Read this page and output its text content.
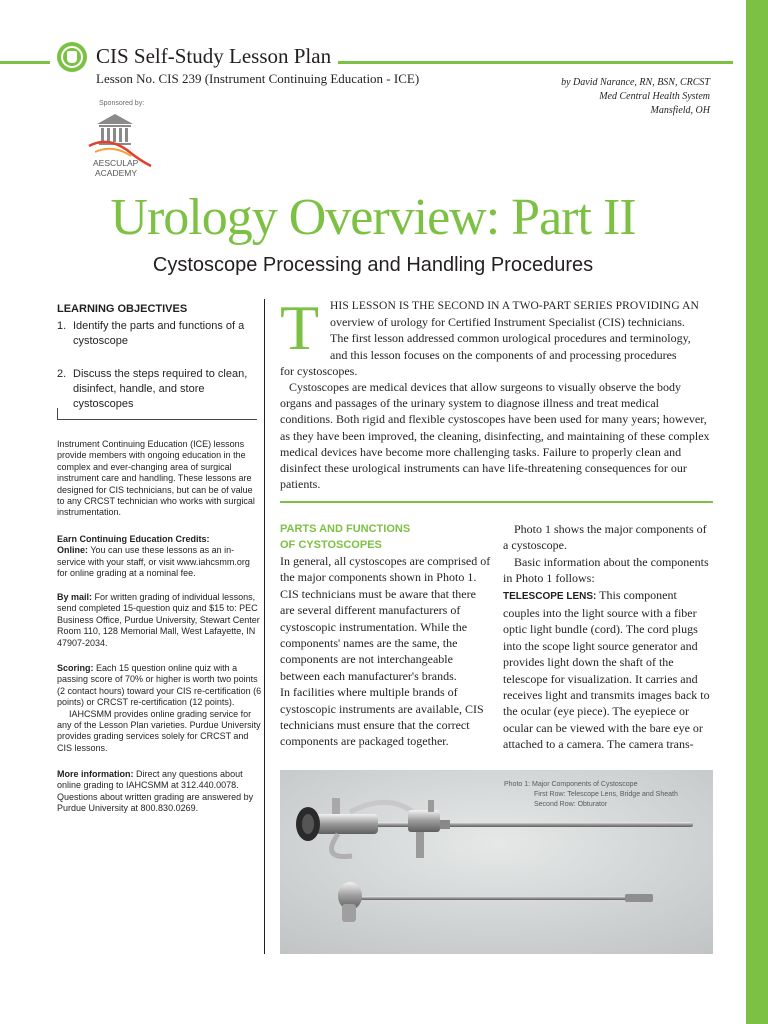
CIS Self-Study Lesson Plan
Lesson No. CIS 239 (Instrument Continuing Education - ICE)	by David Narance, RN, BSN, CRCST
Med Central Health System
Mansfield, OH
Sponsored by:
AESCULAP
ACADEMY
Urology Overview: Part II
Cystoscope Processing and Handling Procedures
LEARNING OBJECTIVES
1. Identify the parts and functions of a cystoscope
2. Discuss the steps required to clean, disinfect, handle, and store cystoscopes

Instrument Continuing Education (ICE) lessons provide members with ongoing education in the complex and ever-changing area of surgical instrument care and handling. These lessons are designed for CIS technicians, but can be of value to any CRCST technician who works with surgical instrumentation.

Earn Continuing Education Credits:

Online: You can use these lessons as an in-service with your staff, or visit www.iahcsmm.org for online grading at a nominal fee.

By mail: For written grading of individual lessons, send completed 15-question quiz and $15 to: PEC Business Office, Purdue University, Stewart Center Room 110, 128 Memorial Mall, West Lafayette, IN 47907-2034.

Scoring: Each 15 question online quiz with a passing score of 70% or higher is worth two points (2 contact hours) toward your CIS re-certification (6 points) or CRCST re-certification (12 points).

IAHCSMM provides online grading service for any of the Lesson Plan varieties. Purdue University provides grading services solely for CRCST and CIS lessons.

More information: Direct any questions about online grading to IAHCSMM at 312.440.0078. Questions about written grading are answered by Purdue University at 800.830.0269.

T HIS LESSON IS THE SECOND IN A TWO-PART SERIES PROVIDING AN
overview of urology for Certified Instrument Specialist (CIS) technicians.
The first lesson addressed common urological procedures and terminology,
and this lesson focuses on the components of and processing procedures
for cystoscopes.
Cystoscopes are medical devices that allow surgeons to visually observe the body organs and passages of the urinary system to diagnose illness and treat medical conditions. Both rigid and flexible cystoscopes have been used for many years; however, as they have been improved, the cleaning, disinfecting, and maintaining of these complex medical devices have become more challenging tasks. Failure to properly clean and disinfect these urological instruments can have life-threatening consequences for our patients.
PARTS AND FUNCTIONS
OF CYSTOSCOPES
In general, all cystoscopes are comprised of the major components shown in Photo 1. CIS technicians must be aware that there are several different manufacturers of cystoscopic instrumentation. While the components' names are the same, the components are not interchangeable between each manufacturer's brands.
In facilities where multiple brands of cystoscopic instruments are available, CIS technicians must ensure that the correct components are packaged together.
Photo 1 shows the major components of a cystoscope.
Basic information about the components in Photo 1 follows:
TELESCOPE LENS: This component couples into the light source with a fiber optic light bundle (cord). The cord plugs into the scope light source generator and provides light down the shaft of the telescope for visualization. It carries and receives light and transmits images back to the ocular (eye piece). The eyepiece or ocular can be viewed with the bare eye or attached to a camera. The camera trans-
Photo 1: Major Components of Cystoscope
First Row: Telescope Lens, Bridge and Sheath
Second Row: Obturator
